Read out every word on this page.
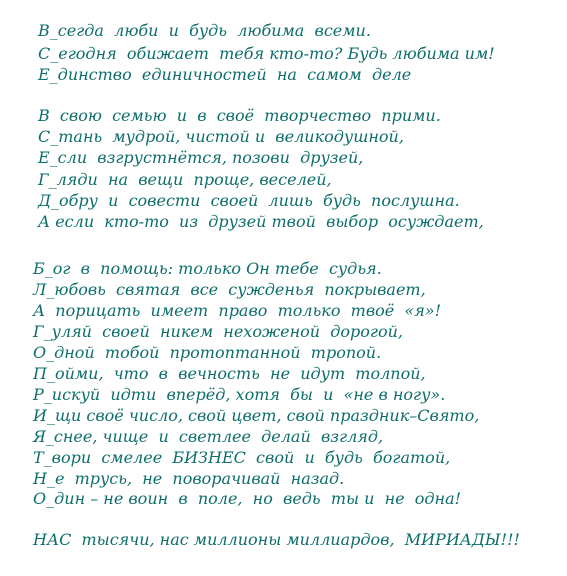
В_сегда  люби  и  будь  любима  всеми.
С_егодня  обижает  тебя кто-то? Будь любима им!
Е_динство  единичностей  на  самом  деле
В  свою  семью  и  в  своё  творчество  прими.
С_тань  мудрой, чистой и  великодушной,
Е_сли  взгрустнётся, позови  друзей,
Г_ляди  на  вещи  проще, веселей,
Д_обру  и  совести  своей  лишь  будь  послушна.
А если  кто-то  из  друзей твой  выбор  осуждает,
Б_ог  в  помощь: только Он тебе  судья.
Л_юбовь  святая  все  сужденья  покрывает,
А  порицать  имеет  право  только  твоё  «я»!
Г_уляй  своей  никем  нехоженой  дорогой,
О_дной  тобой  протоптанной  тропой.
П_ойми,  что  в  вечность  не  идут  толпой,
Р_искуй  идти  вперёд, хотя  бы  и  «не в ногу».
И_щи своё число, свой цвет, свой праздник–Свято,
Я_снее, чище  и  светлее  делай  взгляд,
Т_вори  смелее  БИЗНЕС  свой  и  будь  богатой,
Н_е  трусь,  не  поворачивай  назад.
О_дин – не воин  в  поле,  но  ведь  ты и  не  одна!
НАС  тысячи, нас миллионы миллиардов,  МИРИАДЫ!!!
